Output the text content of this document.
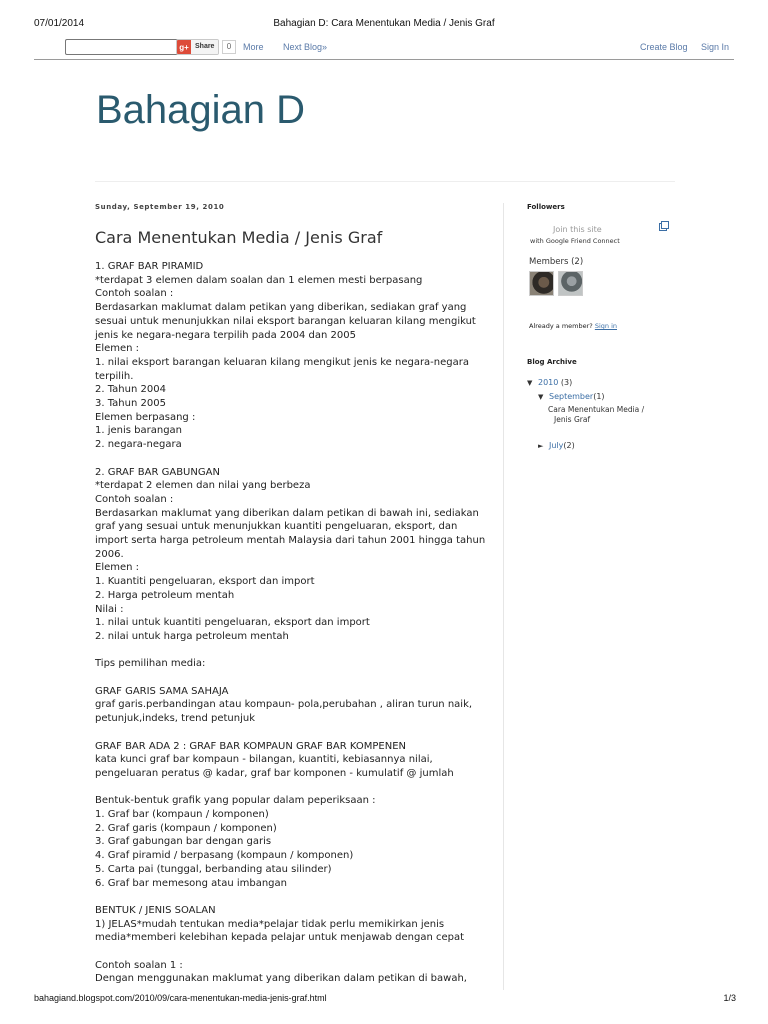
07/01/2014	Bahagian D: Cara Menentukan Media / Jenis Graf
g+ Share	0	More Next Blog»	Create Blog Sign In
Bahagian D
Sunday, September 19, 2010
Cara Menentukan Media / Jenis Graf
1. GRAF BAR PIRAMID
*terdapat 3 elemen dalam soalan dan 1 elemen mesti berpasang
Contoh soalan :
Berdasarkan maklumat dalam petikan yang diberikan, sediakan graf yang
sesuai untuk menunjukkan nilai eksport barangan keluaran kilang mengikut
jenis ke negara-negara terpilih pada 2004 dan 2005
Elemen :
1. nilai eksport barangan keluaran kilang mengikut jenis ke negara-negara
terpilih.
2. Tahun 2004
3. Tahun 2005
Elemen berpasang :
1. jenis barangan
2. negara-negara
2. GRAF BAR GABUNGAN
*terdapat 2 elemen dan nilai yang berbeza
Contoh soalan :
Berdasarkan maklumat yang diberikan dalam petikan di bawah ini, sediakan
graf yang sesuai untuk menunjukkan kuantiti pengeluaran, eksport, dan
import serta harga petroleum mentah Malaysia dari tahun 2001 hingga tahun
2006.
Elemen :
1. Kuantiti pengeluaran, eksport dan import
2. Harga petroleum mentah
Nilai :
1. nilai untuk kuantiti pengeluaran, eksport dan import
2. nilai untuk harga petroleum mentah
Tips pemilihan media:
GRAF GARIS SAMA SAHAJA
graf garis.perbandingan atau kompaun- pola,perubahan , aliran turun naik,
petunjuk,indeks, trend petunjuk
GRAF BAR ADA 2 : GRAF BAR KOMPAUN GRAF BAR KOMPENEN
kata kunci graf bar kompaun - bilangan, kuantiti, kebiasannya nilai,
pengeluaran peratus @ kadar, graf bar komponen - kumulatif @ jumlah
Bentuk-bentuk grafik yang popular dalam peperiksaan :
1. Graf bar (kompaun / komponen)
2. Graf garis (kompaun / komponen)
3. Graf gabungan bar dengan garis
4. Graf piramid / berpasang (kompaun / komponen)
5. Carta pai (tunggal, berbanding atau silinder)
6. Graf bar memesong atau imbangan
BENTUK / JENIS SOALAN
1) JELAS*mudah tentukan media*pelajar tidak perlu memikirkan jenis
media*memberi kelebihan kepada pelajar untuk menjawab dengan cepat
Contoh soalan 1 :
Dengan menggunakan maklumat yang diberikan dalam petikan di bawah,
Followers
Join this site
with Google Friend Connect
Members (2)
Already a member? Sign in
Blog Archive
▼ 2010 (3)
▼ September(1)
Cara Menentukan Media /
Jenis Graf
► July(2)
bahagiand.blogspot.com/2010/09/cara-menentukan-media-jenis-graf.html	1/3
